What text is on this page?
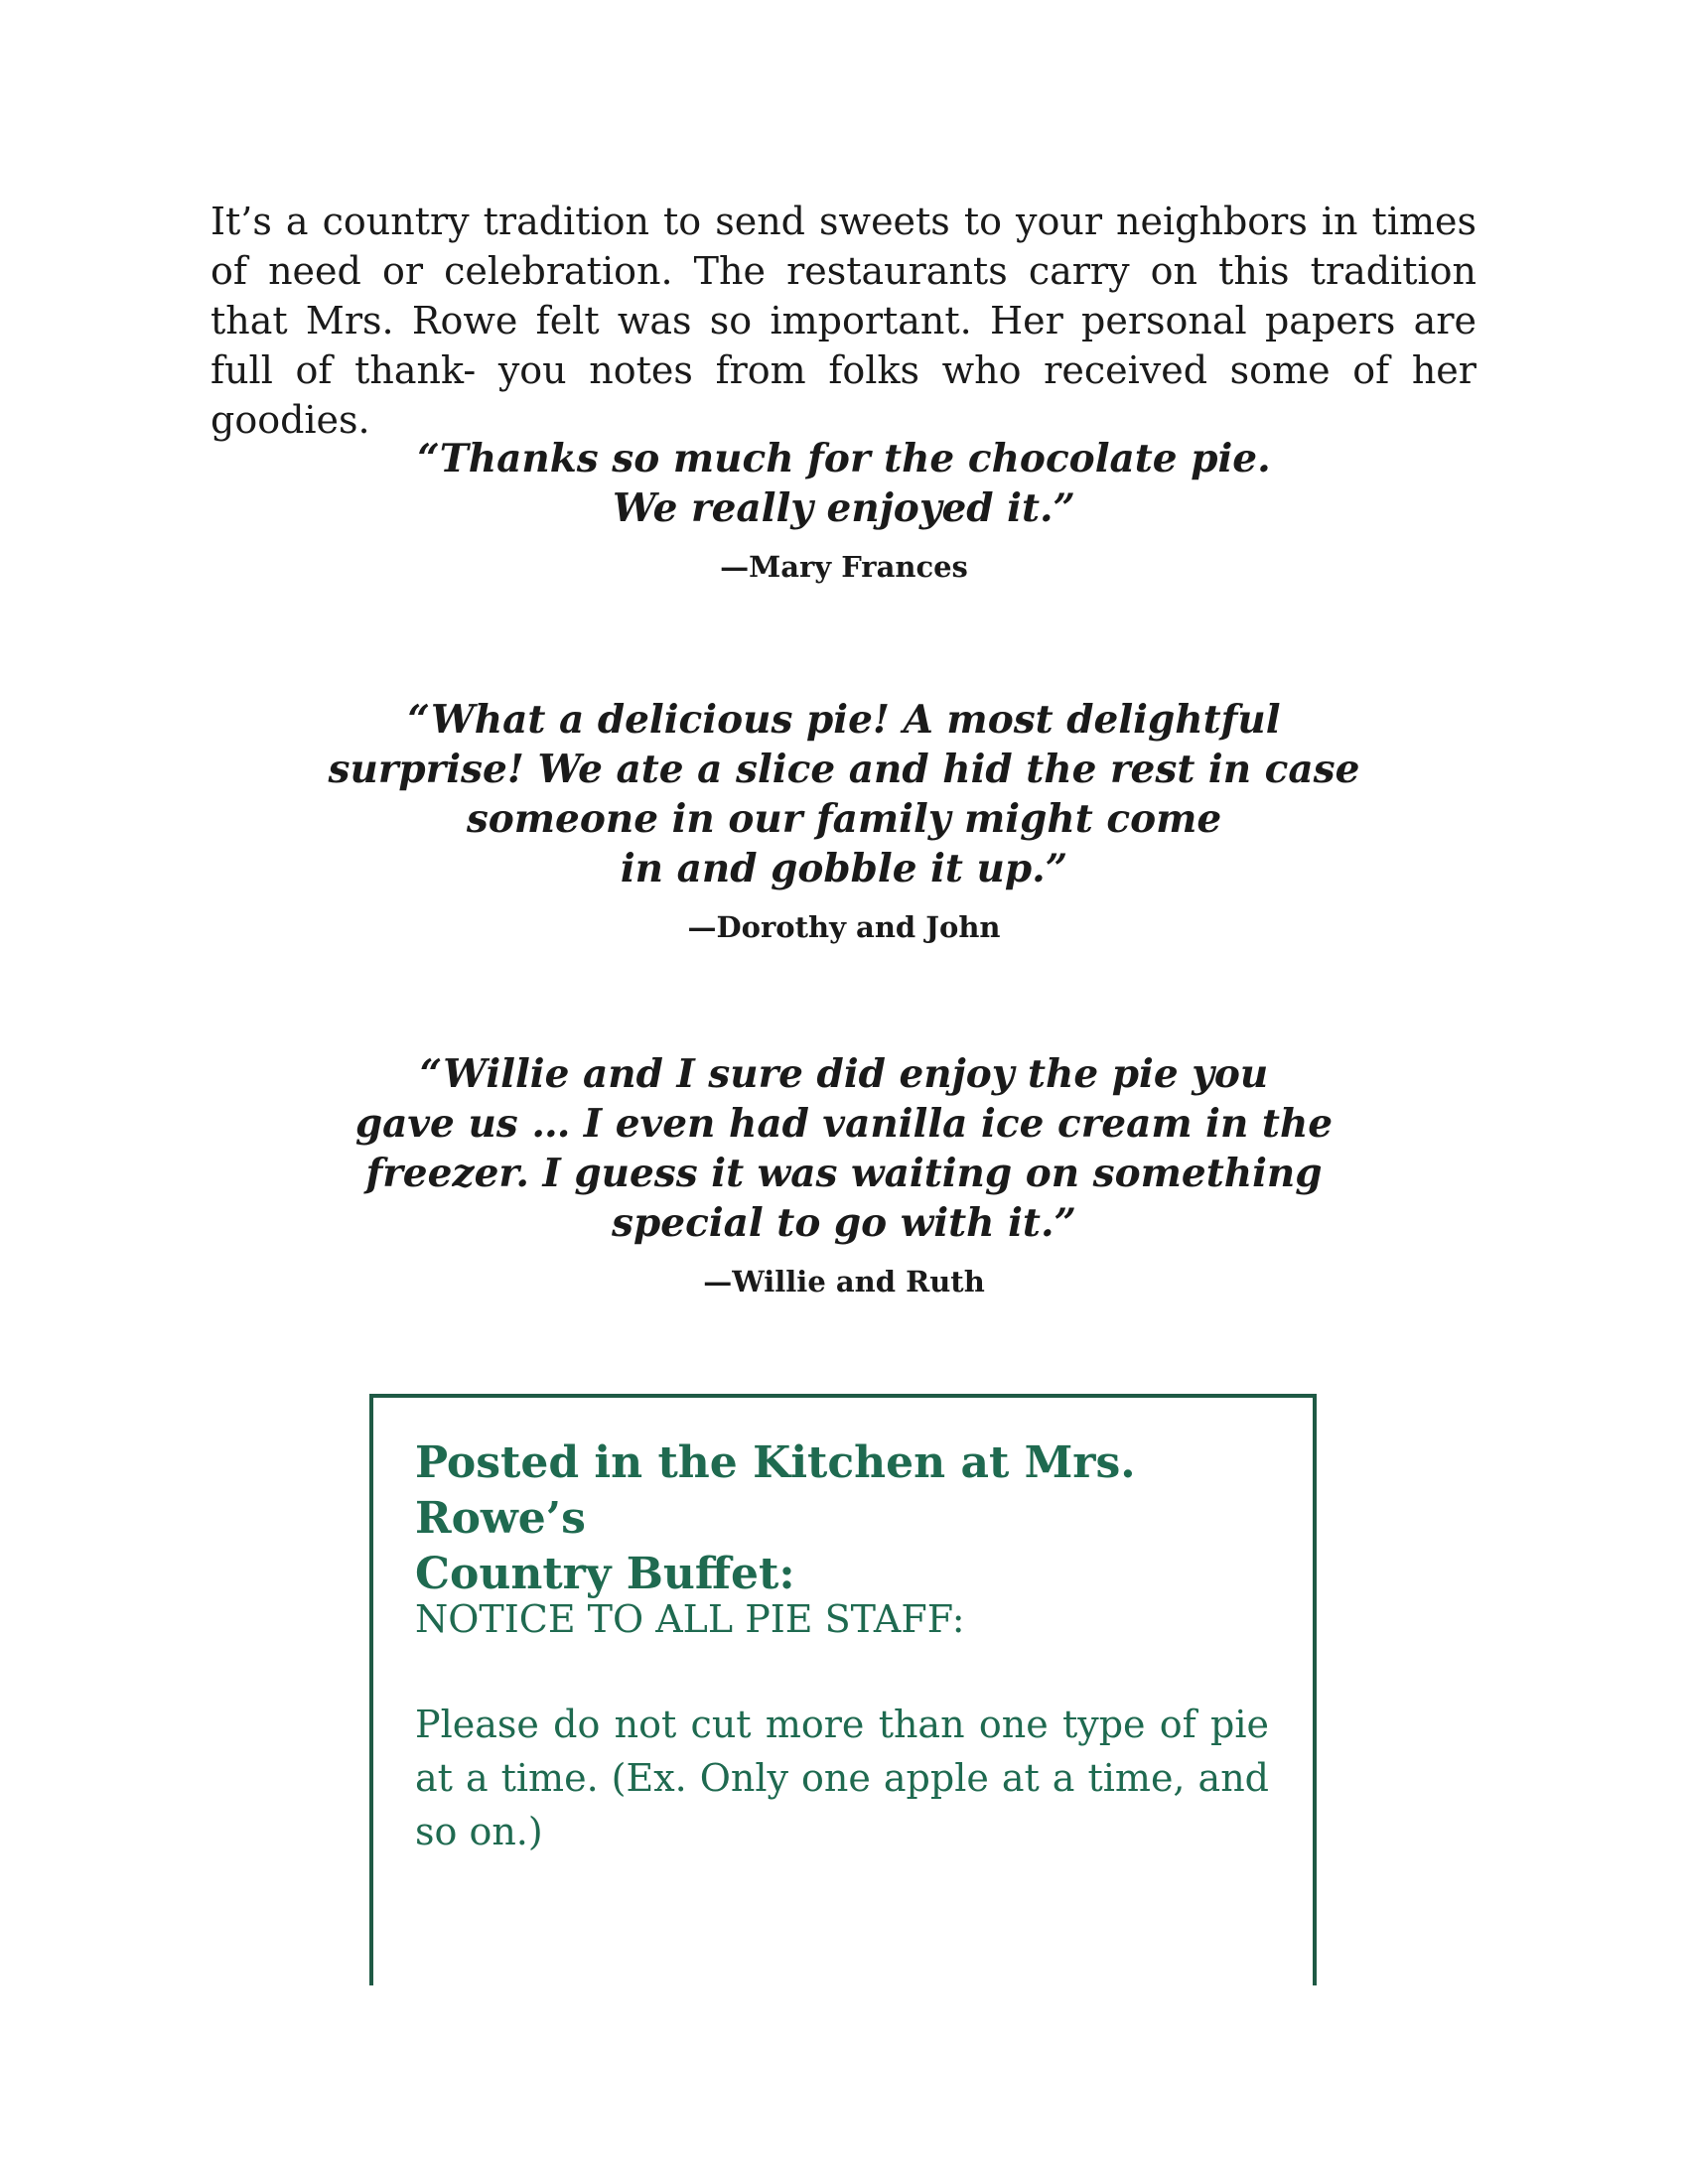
It’s a country tradition to send sweets to your neighbors in times of need or celebration. The restaurants carry on this tradition that Mrs. Rowe felt was so important. Her personal papers are full of thank- you notes from folks who received some of her goodies.

“Thanks so much for the chocolate pie.
We really enjoyed it.”

—Mary Frances

“What a delicious pie! A most delightful
surprise! We ate a slice and hid the rest in case
someone in our family might come
in and gobble it up.”

—Dorothy and John

“Willie and I sure did enjoy the pie you
gave us … I even had vanilla ice cream in the
freezer. I guess it was waiting on something
special to go with it.”

—Willie and Ruth

Posted in the Kitchen at Mrs. Rowe’s
Country Buffet:

NOTICE TO ALL PIE STAFF:

Please do not cut more than one type of pie at a time. (Ex. Only one apple at a time, and so on.)
